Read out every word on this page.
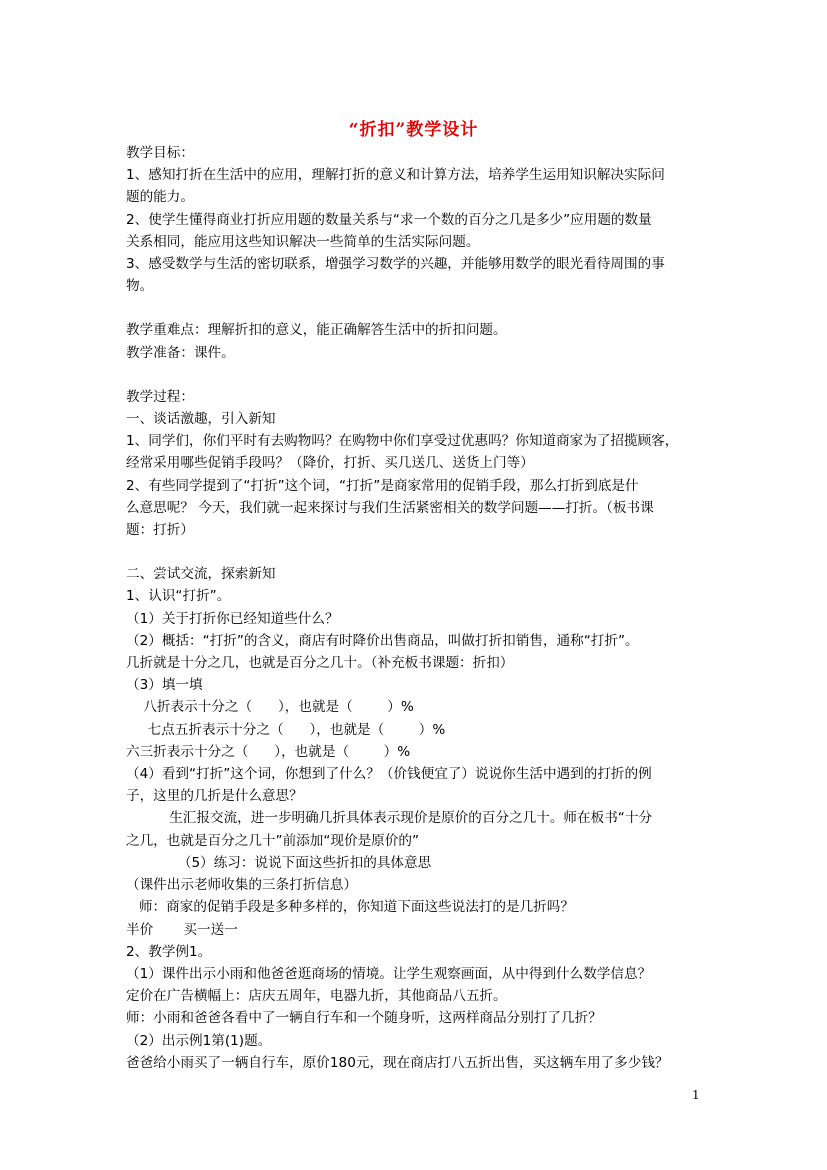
“折扣”教学设计

教学目标：

1、感知打折在生活中的应用，理解打折的意义和计算方法，培养学生运用知识解决实际问

题的能力。

2、使学生懂得商业打折应用题的数量关系与“求一个数的百分之几是多少”应用题的数量

关系相同，能应用这些知识解决一些简单的生活实际问题。

3、感受数学与生活的密切联系，增强学习数学的兴趣，并能够用数学的眼光看待周围的事

物。

教学重难点：理解折扣的意义，能正确解答生活中的折扣问题。

教学准备：课件。

教学过程：

一、谈话激趣，引入新知

1、同学们，你们平时有去购物吗？在购物中你们享受过优惠吗？你知道商家为了招揽顾客，

经常采用哪些促销手段吗？（降价，打折、买几送几、送货上门等）

2、有些同学提到了“打折”这个词，“打折”是商家常用的促销手段，那么打折到底是什

么意思呢？ 今天，我们就一起来探讨与我们生活紧密相关的数学问题——打折。（板书课

题：打折）

二、尝试交流，探索新知

1、认识“打折”。

（1）关于打折你已经知道些什么？

（2）概括：“打折”的含义，商店有时降价出售商品，叫做打折扣销售，通称“打折”。

几折就是十分之几，也就是百分之几十。（补充板书课题：折扣）

（3）填一填

八折表示十分之（      ），也就是（        ）%

七点五折表示十分之（      ），也就是（        ）%

六三折表示十分之（      ），也就是（        ）%

（4）看到“打折”这个词，你想到了什么？（价钱便宜了）说说你生活中遇到的打折的例

子，这里的几折是什么意思？

生汇报交流，进一步明确几折具体表示现价是原价的百分之几十。师在板书“十分

之几，也就是百分之几十”前添加“现价是原价的”

（5）练习：说说下面这些折扣的具体意思

（课件出示老师收集的三条打折信息）

师：商家的促销手段是多种多样的，你知道下面这些说法打的是几折吗？

半价       买一送一

2、教学例1。

（1）课件出示小雨和他爸爸逛商场的情境。让学生观察画面，从中得到什么数学信息？

定价在广告横幅上：店庆五周年，电器九折，其他商品八五折。

师：小雨和爸爸各看中了一辆自行车和一个随身听，这两样商品分别打了几折？

（2）出示例1第(1)题。

爸爸给小雨买了一辆自行车，原价180元，现在商店打八五折出售，买这辆车用了多少钱？

1
